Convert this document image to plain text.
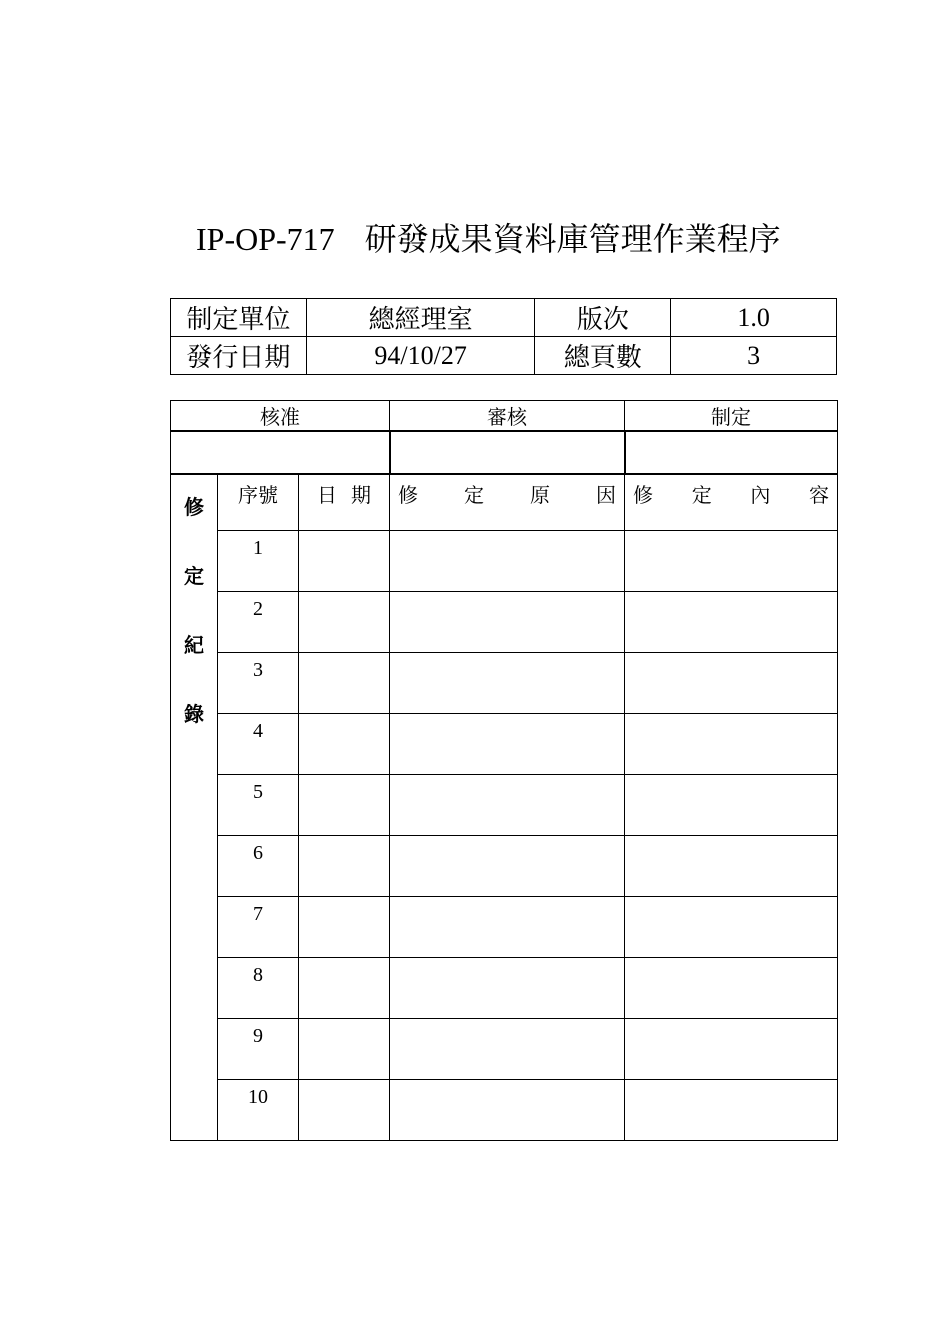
IP-OP-717 研發成果資料庫管理作業程序
制定單位	總經理室	版次	1.0
發行日期	94/10/27	總頁數	3
核准			審核	制定

修
定
紀
錄	序號	日 期	修 定 原 因	修 定 內 容

	1			
	2			
	3			
	4			
	5			
	6			
	7			
	8			
	9			
	10			
